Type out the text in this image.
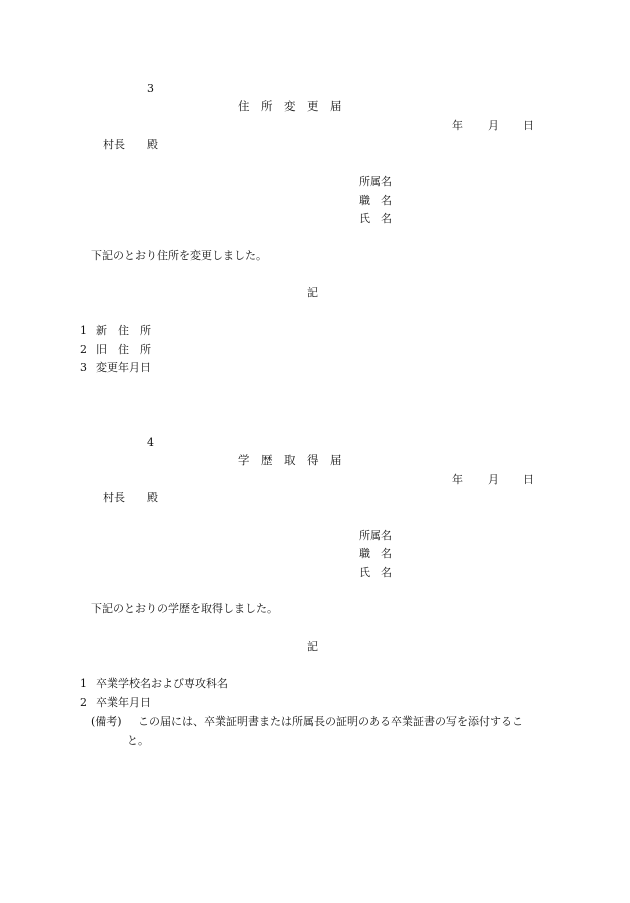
3
住　所　変　更　届
年 月 日
村長　　殿
所属名
職　名
氏　名
下記のとおり住所を変更しました。
記
1 新　住　所
2 旧　住　所
3 変更年月日
4
学　歴　取　得　届
年 月 日
村長　　殿
所属名
職　名
氏　名
下記のとおりの学歴を取得しました。
記
1 卒業学校名および専攻科名
2 卒業年月日
(備考) この届には、卒業証明書または所属長の証明のある卒業証書の写を添付するこ
と。
